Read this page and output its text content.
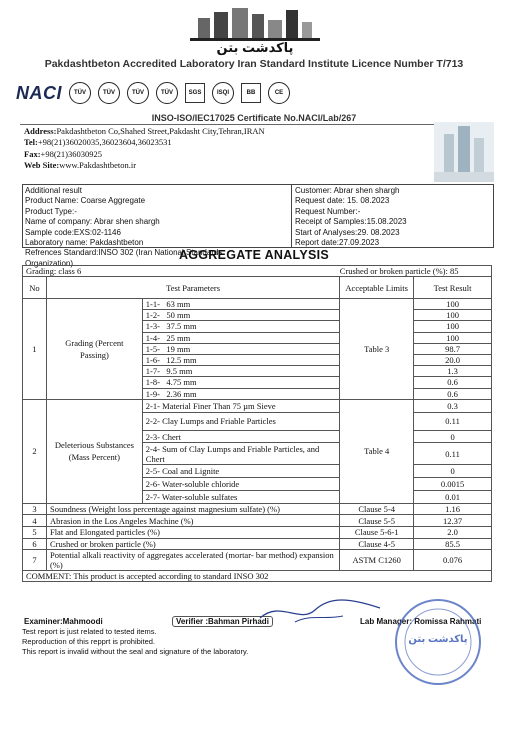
پاکدشت بتن
Pakdashtbeton Accredited Laboratory Iran Standard Institute Licence Number T/713
NACI	TÜV	TÜV	TÜV	TÜV	SGS	ISQI	BB	CE
INSO-ISO/IEC17025 Certificate No.NACI/Lab/267
Address:Pakdashtbeton Co,Shahed Street,Pakdasht City,Tehran,IRAN
Tel:+98(21)36020035,36023604,36023531
Fax:+98(21)36030925
Web Site:www.Pakdashtbeton.ir
Additional result
Product Name: Coarse Aggregate
Product Type:-
Name of company: Abrar shen shargh
Sample code:EXS:02-1146
Laboratory name: Pakdashtbeton
Refrences Standard:INSO 302 (Iran National Standards
Organization)
Customer: Abrar shen shargh
Request date: 15. 08.2023
Request Number:-
Receipt of Samples:15.08.2023
Start of Analyses:29. 08.2023
Report date:27.09.2023
AGGREGATE ANALYSIS
Grading: class 6			Crushed or broken particle (%): 85	
No	Test Parameters		Acceptable Limits	Test Result
1	Grading (Percent Passing)	1-1- 63 mm	Table 3	100
		1-2- 50 mm		100
		1-3- 37.5 mm		100
		1-4- 25 mm		100
		1-5- 19 mm		98.7
		1-6- 12.5 mm		20.0
		1-7- 9.5 mm		1.3
		1-8- 4.75 mm		0.6
		1-9- 2.36 mm		0.6
2	Deleterious Substances (Mass Percent)	2-1- Material Finer Than 75 µm Sieve	Table 4	0.3
		2-2- Clay Lumps and Friable Particles		0.11
		2-3- Chert		0
		2-4- Sum of Clay Lumps and Friable Particles, and Chert		0.11
		2-5- Coal and Lignite		0
		2-6- Water-soluble chloride		0.0015
		2-7- Water-soluble sulfates		0.01
3	Soundness (Weight loss percentage against magnesium sulfate) (%)		Clause 5-4	1.16
4	Abrasion in the Los Angeles Machine (%)		Clause 5-5	12.37
5	Flat and Elongated particles (%)		Clause 5-6-1	2.0
6	Crushed or broken particle (%)		Clause 4-5	85.5
7	Potential alkali reactivity of aggregates accelerated (mortar- bar method) expansion (%)		ASTM C1260	0.076
COMMENT: This product is accepted according to standard INSO 302				
Examiner:Mahmoodi	Verifier :Bahman Pirhadi	Lab Manager: Romissa Rahmati
Test report is just related to tested items.
Reproduction of this repprt is prohibited.
This report is invalid without the seal and signature of the laboratory.
پاکدشت بتن
